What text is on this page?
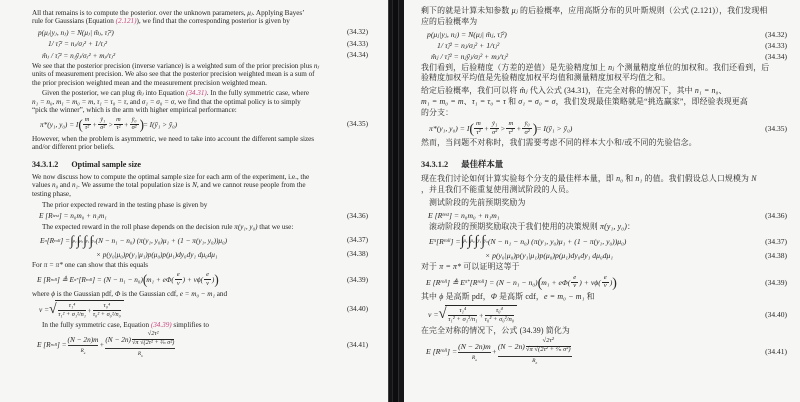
All that remains is to compute the posterior. over the unknown parameters, μⱼ. Applying Bayes’
rule for Gaussians (Equation (2.121)), we find that the corresponding posterior is given by
p(μⱼ|yⱼ, nⱼ) = N(μⱼ| m̂ⱼ, τ̂ⱼ²)	(34.32)
1/ τ̂ⱼ² = nⱼ/σⱼ² + 1/τⱼ²	(34.33)
m̂ⱼ / τ̂ⱼ² = nⱼȳⱼ/σⱼ² + mⱼ/τⱼ²	(34.34)
We see that the posterior precision (inverse variance) is a weighted sum of the prior precision plus nⱼ
units of measurement precision. We also see that the posterior precision weighted mean is a sum of
the prior precision weighted mean and the measurement precision weighted mean.
Given the posterior, we can plug m̂ⱼ into Equation (34.31). In the fully symmetric case, where
n₁ = n₀, m₁ = m₀ = m, τ₁ = τ₀ = τ, and σ₁ = σ₀ = σ, we find that the optimal policy is to simply
“pick the winner”, which is the arm with higher empirical performance:
π*(y₁, y₀) = I ( $\frac{m}{\text{τ²}} + \frac{\text{ȳ₁}}{\text{σ²}} > \frac{m}{\text{τ²}} + \frac{\text{ȳ₀}}{\text{σ²}}$ ) = I(ȳ₁ > ȳ₀)	(34.35)
However, when the problem is asymmetric, we need to take into account the different sample sizes
and/or different prior beliefs.
34.3.1.2 Optimal sample size
We now discuss how to compute the optimal sample size for each arm of the experiment, i.e., the
values n₀ and n₁. We assume the total population size is N, and we cannot reuse people from the
testing phase,
The prior expected reward in the testing phase is given by
E [R test ] = n₀m₀ + n₁m₁	(34.36)
The expected reward in the roll phase depends on the decision rule π(y₁, y₀) that we use:
E π [R roll ] = ∫ μ₁ ∫ μ₀ ∫ y₁ ∫ y₀ (N − n₁ − n₀) (π(y₁, y₀)μ₁ + (1 − π(y₁, y₀))μ₀)	(34.37)
× p(y₀|μ₀)p(y₁|μ₁)p(μ₀)p(μ₁)dy₀dy₁ dμ₀dμ₁	(34.38)
For π = π* one can show that this equals
E [R roll ] ≜ E π* [R roll ] = (N − n₁ − n₀) ( $m_1 + e\Phi( \frac{e}{v}$ ) + $v\phi( \frac{e}{v}$ ) )	(34.39)
where ϕ is the Gaussian pdf, Φ is the Gaussian cdf, e = m₀ − m₁ and
v = √ $\frac{\text{τ₁⁴}}{\text{τ₁² + σ₁²/n₁}} + \frac{\text{τ₀⁴}}{\text{τ₀² + σ₀²/n₀}}$	(34.40)
In the fully symmetric case, Equation (34.39) simplifies to
E [R roll ] =
(N − 2n)m
$R_a$
+
$(N - 2n) \frac{\text{√2τ²}}{\text{√π √(2τ² + ²⁄ₙ σ²)}}$
$R_b$
(34.41)
剩下的就是计算未知参数 μⱼ 的后验概率，应用高斯分布的贝叶斯规则（公式 (2.121)），我们发现相
应的后验概率为
p(μⱼ|yⱼ, nⱼ) = N(μⱼ| m̂ⱼ, τ̂ⱼ²)	(34.32)
1/ τ̂ⱼ² = nⱼ/σⱼ² + 1/τⱼ²	(34.33)
m̂ⱼ / τ̂ⱼ² = nⱼȳⱼ/σⱼ² + mⱼ/τⱼ²	(34.34)
我们看到，后验精度（方差的逆值）是先验精度加上 nⱼ 个测量精度单位的加权和。我们还看到，后
验精度加权平均值是先验精度加权平均值和测量精度加权平均值之和。
给定后验概率，我们可以将 m̂ⱼ 代入公式 (34.31)，在完全对称的情况下，其中 n₁ = n₀、
m₁ = m₀ = m、τ₁ = τ₀ = τ 和 σ₁ = σ₀ = σ，我们发现最佳策略就是“挑选赢家”，即经验表现更高
的分支：
π*(y₁, y₀) = I ( $\frac{m}{\text{τ²}} + \frac{\text{ȳ₁}}{\text{σ²}} > \frac{m}{\text{τ²}} + \frac{\text{ȳ₀}}{\text{σ²}}$ ) = I(ȳ₁ > ȳ₀)	(34.35)
然而，当问题不对称时，我们需要考虑不同的样本大小和/或不同的先验信念。
34.3.1.2 最佳样本量
现在我们讨论如何计算实验每个分支的最佳样本量，即 n₀ 和 n₁ 的值。我们假设总人口规模为 N
，并且我们不能重复使用测试阶段的人员。
测试阶段的先前预期奖励为
E [R test ] = n₀m₀ + n₁m₁	(34.36)
滚动阶段的预期奖励取决于我们使用的决策规则 π(y₁, y₀)：
E π [R roll ] = ∫ μ₁ ∫ μ₀ ∫ y₁ ∫ y₀ (N − n₁ − n₀) (π(y₁, y₀)μ₁ + (1 − π(y₁, y₀))μ₀)	(34.37)
× p(y₀|μ₀)p(y₁|μ₁)p(μ₀)p(μ₁)dy₀dy₁ dμ₀dμ₁	(34.38)
对于 π = π* 可以证明这等于
E [R roll ] ≜ E π* [R roll ] = (N − n₁ − n₀) ( $m_1 + e\Phi( \frac{e}{v}$ ) + $v\phi( \frac{e}{v}$ ) )	(34.39)
其中 ϕ 是高斯 pdf，Φ 是高斯 cdf，e = m₀ − m₁ 和
v = √ $\frac{\text{τ₁⁴}}{\text{τ₁² + σ₁²/n₁}} + \frac{\text{τ₀⁴}}{\text{τ₀² + σ₀²/n₀}}$	(34.40)
在完全对称的情况下，公式 (34.39) 简化为
E [R roll ] =
(N − 2n)m
$R_a$
+
$(N - 2n) \frac{\text{√2τ²}}{\text{√π √(2τ² + ²⁄ₙ σ²)}}$
$R_b$
(34.41)
